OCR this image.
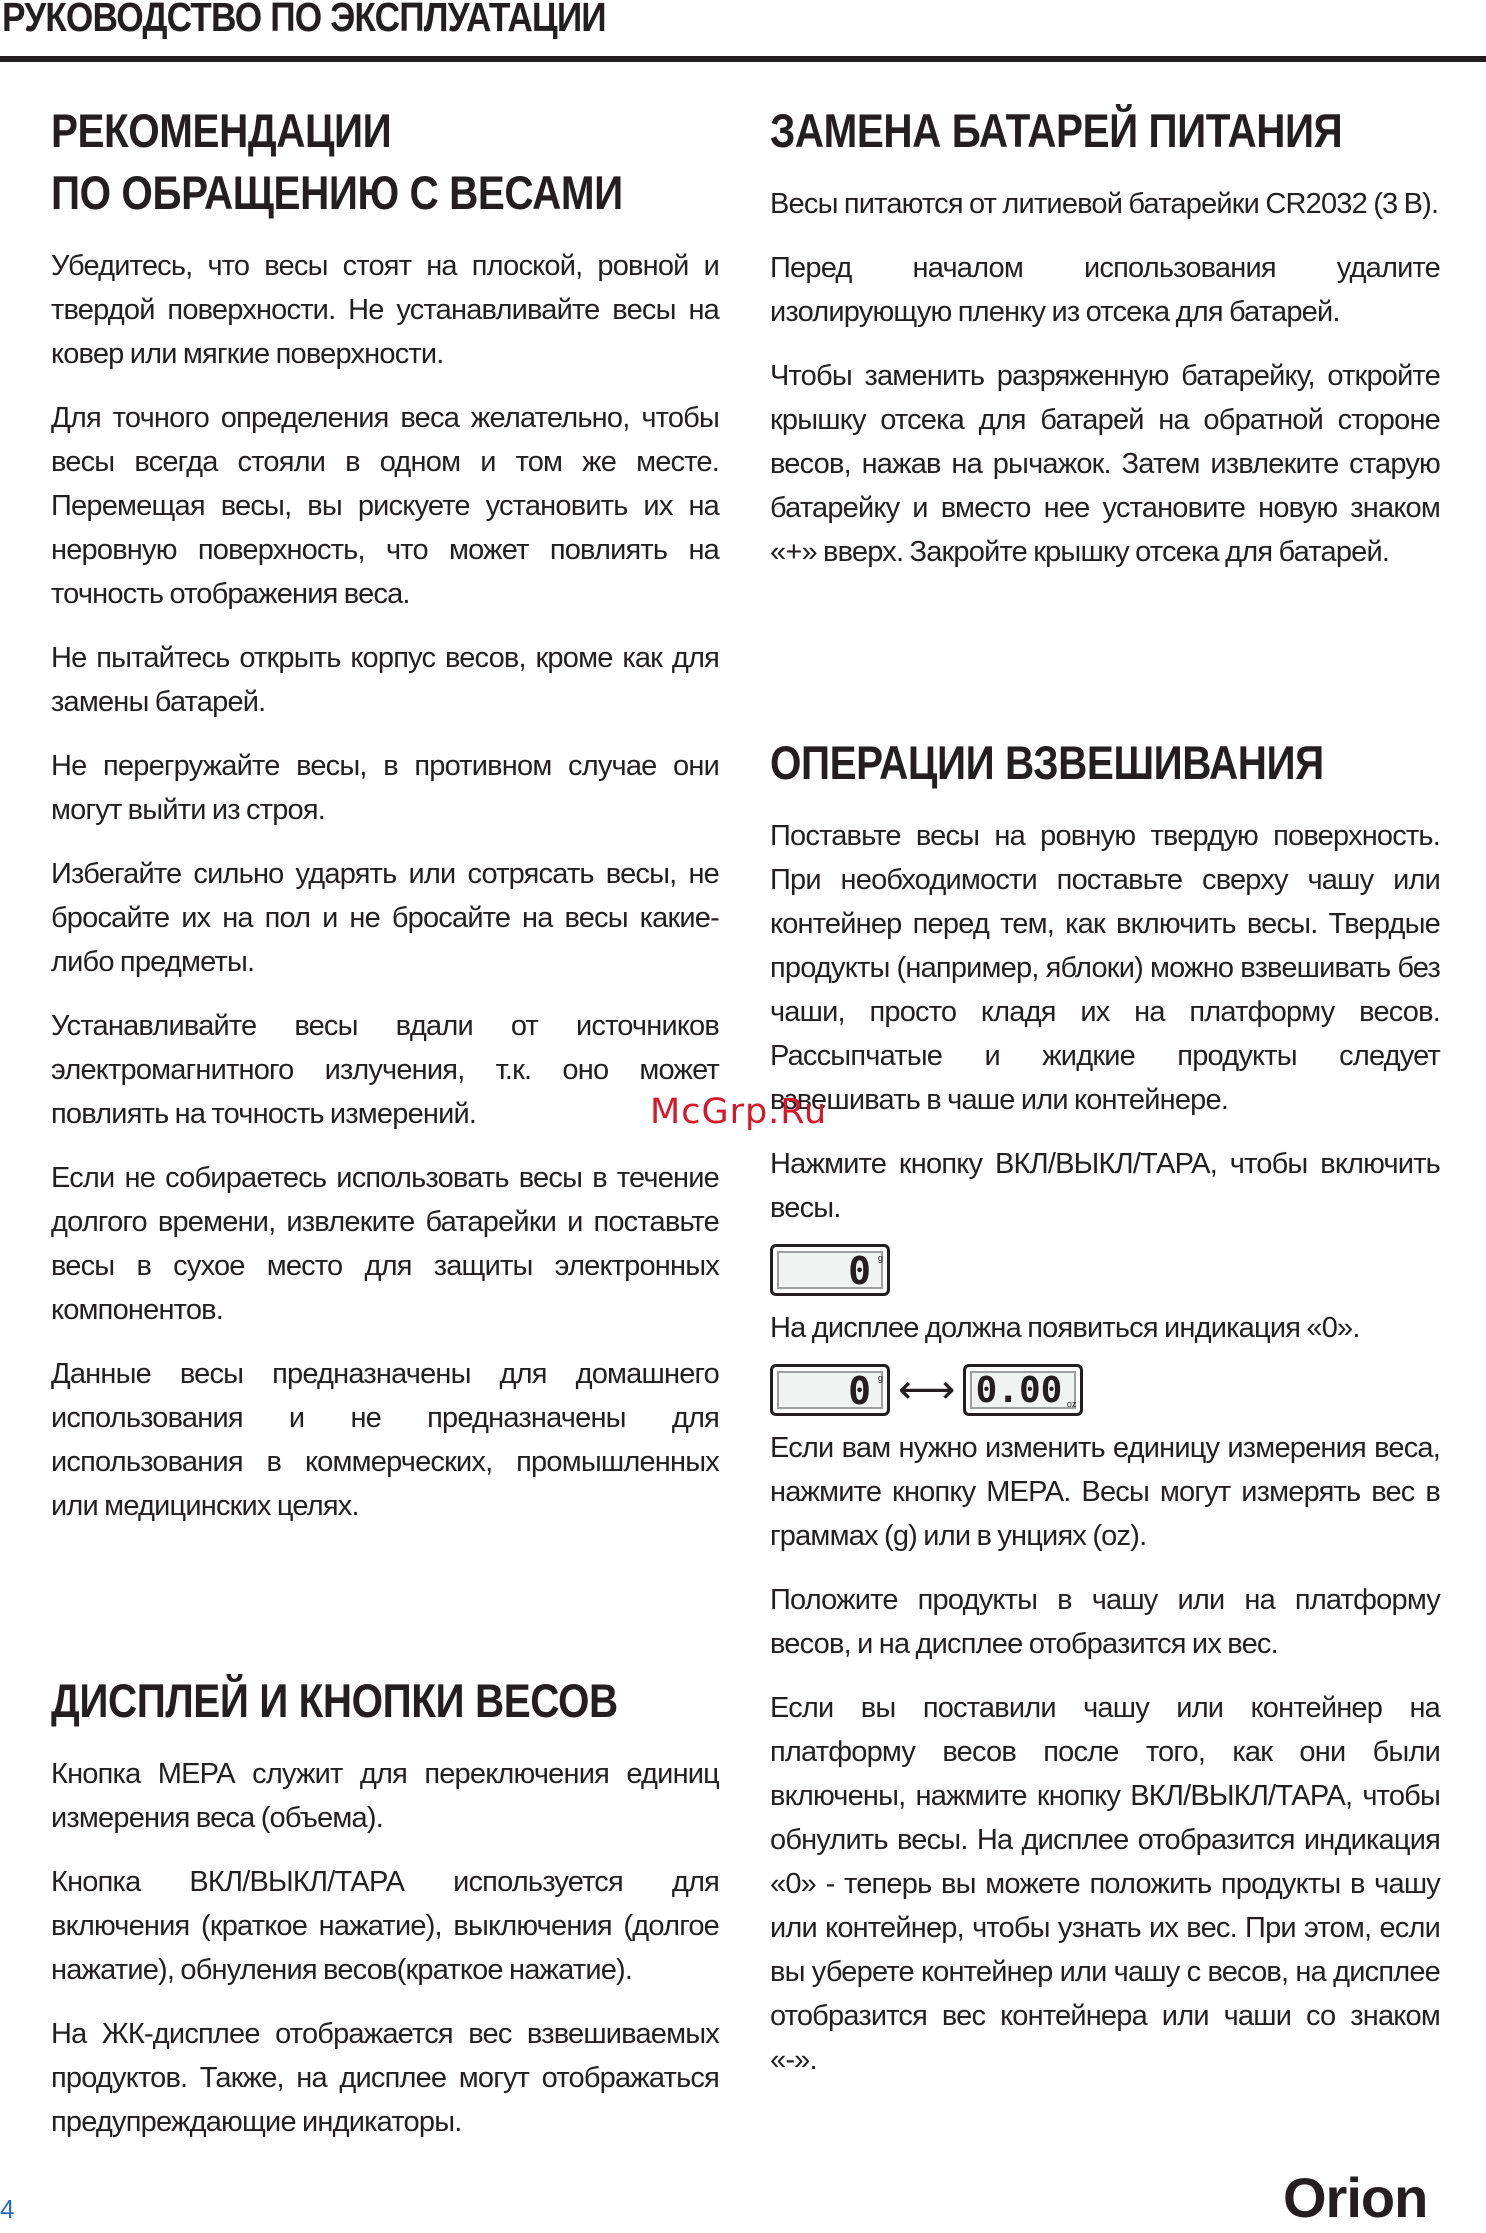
РУКОВОДСТВО ПО ЭКСПЛУАТАЦИИ
РЕКОМЕНДАЦИИ
ПО ОБРАЩЕНИЮ С ВЕСАМИ

Убедитесь, что весы стоят на плоской, ровной и твердой поверхности. Не устанавливайте весы на ковер или мягкие поверхности.

Для точного определения веса желательно, чтобы весы всегда стояли в одном и том же месте. Перемещая весы, вы рискуете установить их на неровную поверхность, что может повлиять на точность отображения веса.

Не пытайтесь открыть корпус весов, кроме как для замены батарей.

Не перегружайте весы, в противном случае они могут выйти из строя.

Избегайте сильно ударять или сотрясать весы, не бросайте их на пол и не бросайте на весы какие-либо предметы.

Устанавливайте весы вдали от источников электромагнитного излучения, т.к. оно может повлиять на точность измерений.

Если не собираетесь использовать весы в течение долгого времени, извлеките батарейки и поставьте весы в сухое место для защиты электронных компонентов.

Данные весы предназначены для домашнего использования и не предназначены для использования в коммерческих, промышленных или медицинских целях.

ДИСПЛЕЙ И КНОПКИ ВЕСОВ

Кнопка МЕРА служит для переключения единиц измерения веса (объема).

Кнопка ВКЛ/ВЫКЛ/ТАРА используется для включения (краткое нажатие), выключения (долгое нажатие), обнуления весов(краткое нажатие).

На ЖК-дисплее отображается вес взвешиваемых продуктов. Также, на дисплее могут отображаться предупреждающие индикаторы.

ЗАМЕНА БАТАРЕЙ ПИТАНИЯ

Весы питаются от литиевой батарейки CR2032 (3 В).

Перед началом использования удалите изолирующую пленку из отсека для батарей.

Чтобы заменить разряженную батарейку, откройте крышку отсека для батарей на обратной стороне весов, нажав на рычажок. Затем извлеките старую батарейку и вместо нее установите новую знаком «+» вверх. Закройте крышку отсека для батарей.

ОПЕРАЦИИ ВЗВЕШИВАНИЯ

Поставьте весы на ровную твердую поверхность. При необходимости поставьте сверху чашу или контейнер перед тем, как включить весы. Твердые продукты (например, яблоки) можно взвешивать без чаши, просто кладя их на платформу весов. Рассыпчатые и жидкие продукты следует взвешивать в чаше или контейнере.

Нажмите кнопку ВКЛ/ВЫКЛ/ТАРА, чтобы включить весы.

0 g

На дисплее должна появиться индикация «0».

0 g ⟷ 0.00 oz

Если вам нужно изменить единицу измерения веса, нажмите кнопку МЕРА. Весы могут измерять вес в граммах (g) или в унциях (oz).

Положите продукты в чашу или на платформу весов, и на дисплее отобразится их вес.

Если вы поставили чашу или контейнер на платформу весов после того, как они были включены, нажмите кнопку ВКЛ/ВЫКЛ/ТАРА, чтобы обнулить весы. На дисплее отобразится индикация «0» - теперь вы можете положить продукты в чашу или контейнер, чтобы узнать их вес. При этом, если вы уберете контейнер или чашу с весов, на дисплее отобразится вес контейнера или чаши со знаком «-».

McGrp.Ru
4	Orion
